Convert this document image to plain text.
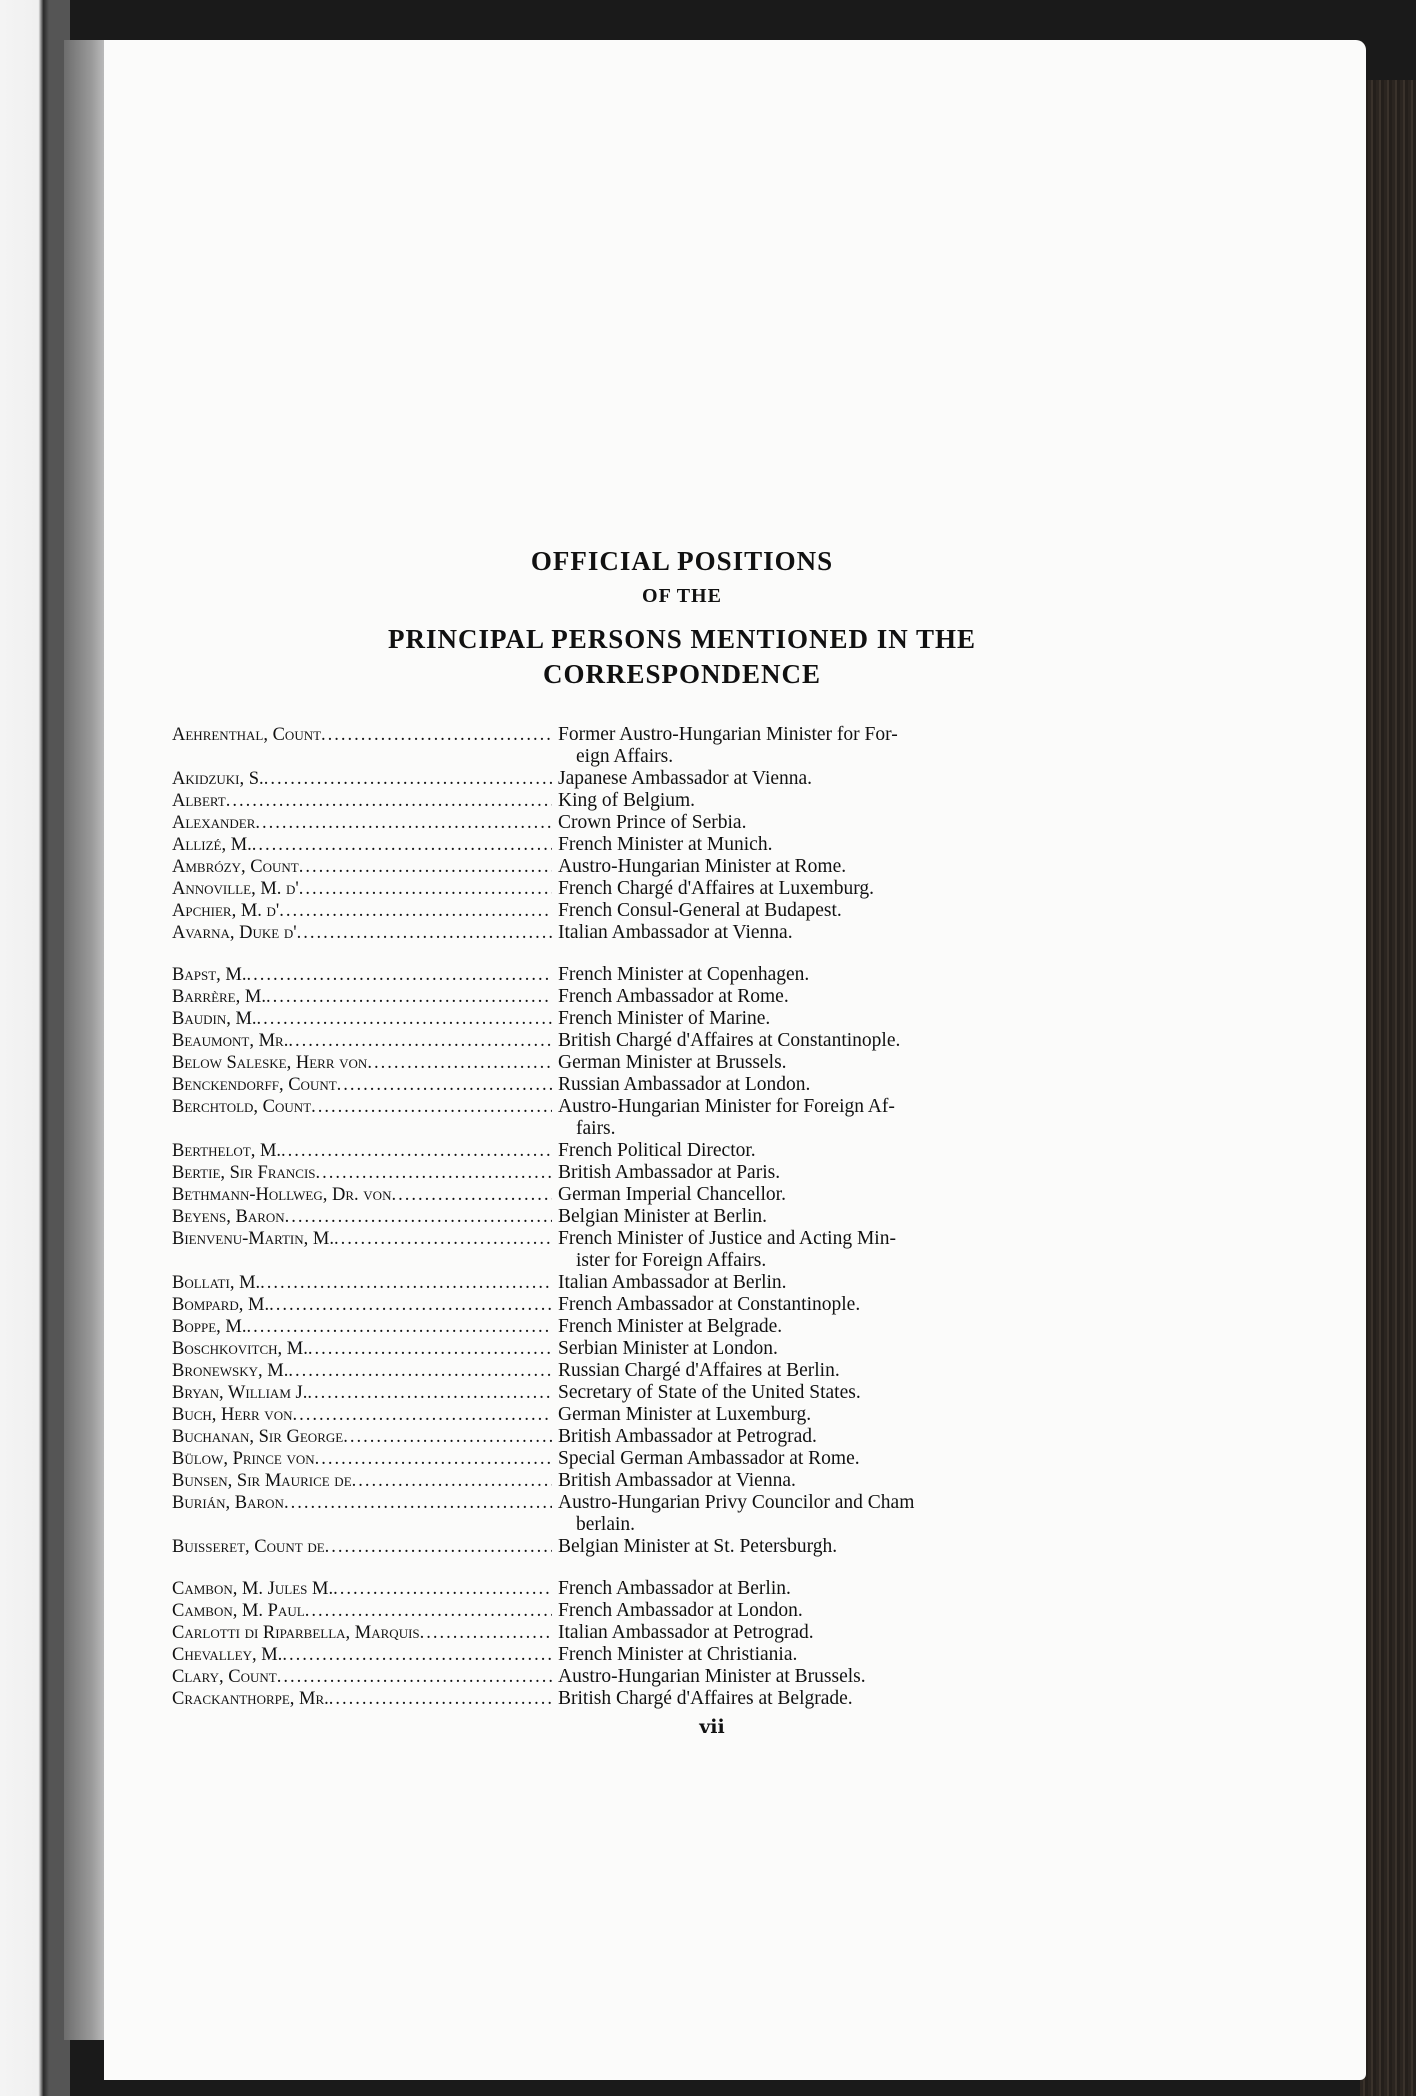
OFFICIAL POSITIONS
OF THE
PRINCIPAL PERSONS MENTIONED IN THE
CORRESPONDENCE
Aehrenthal, Count .....	Former Austro-Hungarian Minister for For-
eign Affairs.
Akidzuki, S. .....	Japanese Ambassador at Vienna.
Albert .....	King of Belgium.
Alexander .....	Crown Prince of Serbia.
Allizé, M. .....	French Minister at Munich.
Ambrózy, Count .....	Austro-Hungarian Minister at Rome.
Annoville, M. d' .....	French Chargé d'Affaires at Luxemburg.
Apchier, M. d' .....	French Consul-General at Budapest.
Avarna, Duke d' .....	Italian Ambassador at Vienna.
Bapst, M. .....	French Minister at Copenhagen.
Barrère, M. .....	French Ambassador at Rome.
Baudin, M. .....	French Minister of Marine.
Beaumont, Mr. .....	British Chargé d'Affaires at Constantinople.
Below Saleske, Herr von .....	German Minister at Brussels.
Benckendorff, Count .....	Russian Ambassador at London.
Berchtold, Count .....	Austro-Hungarian Minister for Foreign Af-
fairs.
Berthelot, M. .....	French Political Director.
Bertie, Sir Francis .....	British Ambassador at Paris.
Bethmann-Hollweg, Dr. von .....	German Imperial Chancellor.
Beyens, Baron .....	Belgian Minister at Berlin.
Bienvenu-Martin, M. .....	French Minister of Justice and Acting Min-
ister for Foreign Affairs.
Bollati, M. .....	Italian Ambassador at Berlin.
Bompard, M. .....	French Ambassador at Constantinople.
Boppe, M. .....	French Minister at Belgrade.
Boschkovitch, M. .....	Serbian Minister at London.
Bronewsky, M. .....	Russian Chargé d'Affaires at Berlin.
Bryan, William J. .....	Secretary of State of the United States.
Buch, Herr von .....	German Minister at Luxemburg.
Buchanan, Sir George .....	British Ambassador at Petrograd.
Bülow, Prince von .....	Special German Ambassador at Rome.
Bunsen, Sir Maurice de .....	British Ambassador at Vienna.
Burián, Baron .....	Austro-Hungarian Privy Councilor and Cham
berlain.
Buisseret, Count de .....	Belgian Minister at St. Petersburgh.
Cambon, M. Jules M. .....	French Ambassador at Berlin.
Cambon, M. Paul .....	French Ambassador at London.
Carlotti di Riparbella, Marquis .....	Italian Ambassador at Petrograd.
Chevalley, M. .....	French Minister at Christiania.
Clary, Count .....	Austro-Hungarian Minister at Brussels.
Crackanthorpe, Mr. .....	British Chargé d'Affaires at Belgrade.
vii
